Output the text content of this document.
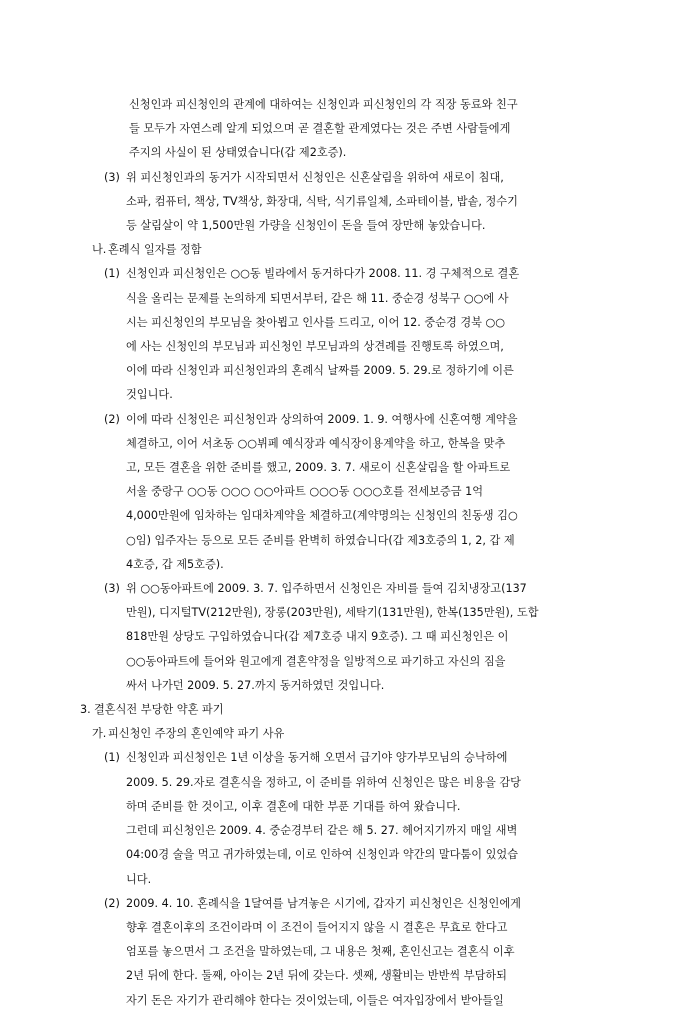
신청인과 피신청인의 관계에 대하여는 신청인과 피신청인의 각 직장 동료와 친구

들 모두가 자연스레 알게 되었으며 곧 결혼할 관계였다는 것은 주변 사람들에게

주지의 사실이 된 상태였습니다(갑 제2호증).

(3) 위 피신청인과의 동거가 시작되면서 신청인은 신혼살림을 위하여 새로이 침대,

소파, 컴퓨터, 책상, TV책상, 화장대, 식탁, 식기류일체, 소파테이블, 밥솥, 정수기

등 살림살이 약 1,500만원 가량을 신청인이 돈을 들여 장만해 놓았습니다.

나. 혼례식 일자를 정함

(1) 신청인과 피신청인은 ○○동 빌라에서 동거하다가 2008. 11. 경 구체적으로 결혼

식을 올리는 문제를 논의하게 되면서부터, 같은 해 11. 중순경 성북구 ○○에 사

시는 피신청인의 부모님을 찾아뵙고 인사를 드리고, 이어 12. 중순경 경북 ○○

에 사는 신청인의 부모님과 피신청인 부모님과의 상견례를 진행토록 하였으며,

이에 따라 신청인과 피신청인과의 혼례식 날짜를 2009. 5. 29.로 정하기에 이른

것입니다.

(2) 이에 따라 신청인은 피신청인과 상의하여 2009. 1. 9. 여행사에 신혼여행 계약을

체결하고, 이어 서초동 ○○뷔페 예식장과 예식장이용계약을 하고, 한복을 맞추

고, 모든 결혼을 위한 준비를 했고, 2009. 3. 7. 새로이 신혼살림을 할 아파트로

서울 중랑구 ○○동 ○○○ ○○아파트 ○○○동 ○○○호를 전세보증금 1억

4,000만원에 임차하는 임대차계약을 체결하고(계약명의는 신청인의 친동생 김○

○임) 입주자는 등으로 모든 준비를 완벽히 하였습니다(갑 제3호증의 1, 2, 갑 제

4호증, 갑 제5호증).

(3) 위 ○○동아파트에 2009. 3. 7. 입주하면서 신청인은 자비를 들여 김치냉장고(137

만원), 디지털TV(212만원), 장롱(203만원), 세탁기(131만원), 한복(135만원), 도합

818만원 상당도 구입하였습니다(갑 제7호증 내지 9호증). 그 때 피신청인은 이

○○동아파트에 들어와 원고에게 결혼약정을 일방적으로 파기하고 자신의 짐을

싸서 나가던 2009. 5. 27.까지 동거하였던 것입니다.

3. 결혼식전 부당한 약혼 파기

가. 피신청인 주장의 혼인예약 파기 사유

(1) 신청인과 피신청인은 1년 이상을 동거해 오면서 급기야 양가부모님의 승낙하에

2009. 5. 29.자로 결혼식을 정하고, 이 준비를 위하여 신청인은 많은 비용을 감당

하며 준비를 한 것이고, 이후 결혼에 대한 부푼 기대를 하여 왔습니다.

그런데 피신청인은 2009. 4. 중순경부터 같은 해 5. 27. 헤어지기까지 매일 새벽

04:00경 술을 먹고 귀가하였는데, 이로 인하여 신청인과 약간의 말다툼이 있었습

니다.

(2) 2009. 4. 10. 혼례식을 1달여를 남겨놓은 시기에, 갑자기 피신청인은 신청인에게

향후 결혼이후의 조건이라며 이 조건이 들어지지 않을 시 결혼은 무효로 한다고

엄포를 놓으면서 그 조건을 말하였는데, 그 내용은 첫째, 혼인신고는 결혼식 이후

2년 뒤에 한다. 둘째, 아이는 2년 뒤에 갖는다. 셋째, 생활비는 반반씩 부담하되

자기 돈은 자기가 관리해야 한다는 것이었는데, 이들은 여자입장에서 받아들일
